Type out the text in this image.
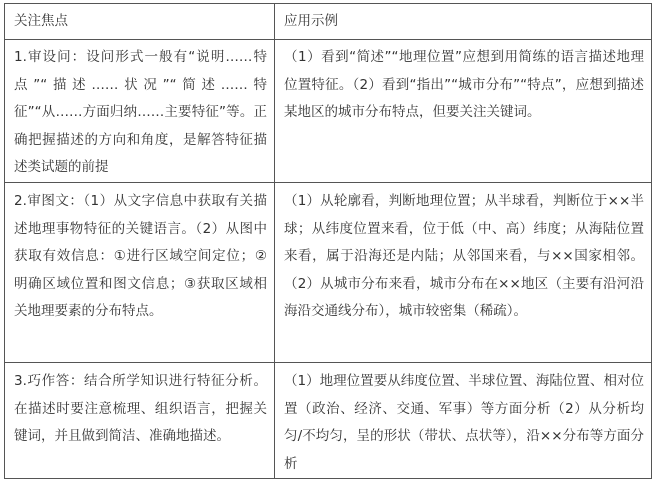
关注焦点	应用示例
1.审设问：设问形式一般有“说明……特点”“描述……状况”“简述……特征”“从……方面归纳……主要特征”等。正确把握描述的方向和角度，是解答特征描述类试题的前提	（1）看到“简述”“地理位置”应想到用简练的语言描述地理位置特征。（2）看到“指出”“城市分布”“特点”，应想到描述某地区的城市分布特点，但要关注关键词。
2.审图文：（1）从文字信息中获取有关描述地理事物特征的关键语言。（2）从图中获取有效信息：①进行区域空间定位；②明确区域位置和图文信息；③获取区域相关地理要素的分布特点。	（1）从轮廓看，判断地理位置；从半球看，判断位于××半球；从纬度位置来看，位于低（中、高）纬度；从海陆位置来看，属于沿海还是内陆；从邻国来看，与××国家相邻。（2）从城市分布来看，城市分布在××地区（主要有沿河沿海沿交通线分布），城市较密集（稀疏）。
3.巧作答：结合所学知识进行特征分析。在描述时要注意梳理、组织语言，把握关键词，并且做到简洁、准确地描述。	（1）地理位置要从纬度位置、半球位置、海陆位置、相对位置（政治、经济、交通、军事）等方面分析（2）从分析均匀/不均匀，呈的形状（带状、点状等），沿××分布等方面分析
